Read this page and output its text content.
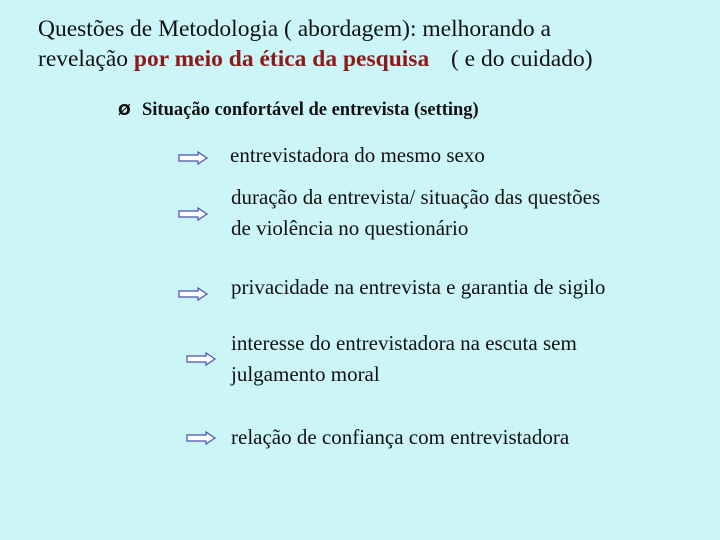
Questões de Metodologia ( abordagem): melhorando a
revelação por meio da ética da pesquisa ( e do cuidado)
Ø Situação confortável de entrevista (setting)
entrevistadora do mesmo sexo
duração da entrevista/ situação das questões
de violência no questionário
privacidade na entrevista e garantia de sigilo
interesse do entrevistadora na escuta sem
julgamento moral
relação de confiança com entrevistadora
